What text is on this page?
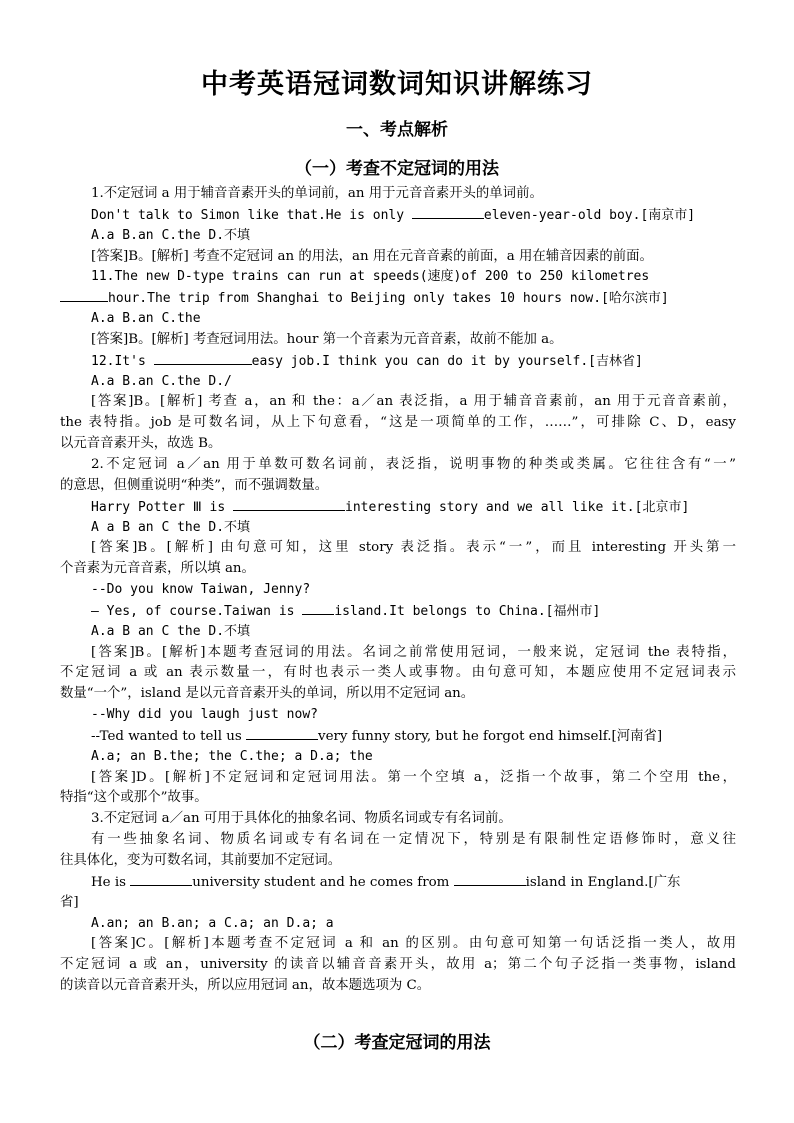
中考英语冠词数词知识讲解练习
一、考点解析
（一）考查不定冠词的用法
1.不定冠词 a 用于辅音音素开头的单词前，an 用于元音音素开头的单词前。
Don't talk to Simon like that.He is only	eleven-year-old boy.[南京市]
A.a B.an C.the D.不填
[答案]B。[解析] 考查不定冠词 an 的用法，an 用在元音音素的前面，a 用在辅音因素的前面。
11.The new D-type trains can run at speeds(速度)of 200 to 250 kilometres
hour.The trip from Shanghai to Beijing only takes 10 hours now.[哈尔滨市]
A.a B.an C.the
[答案]B。[解析] 考查冠词用法。hour 第一个音素为元音音素，故前不能加 a。
12.It's	easy job.I think you can do it by yourself.[吉林省]
A.a B.an C.the D./
[答案]B。[解析] 考查 a，an 和 the：a／an 表泛指，a 用于辅音音素前，an 用于元音音素前，
the 表特指。job 是可数名词，从上下句意看，“这是一项简单的工作，……”，可排除 C、D，easy
以元音音素开头，故选 B。
2.不定冠词 a／an 用于单数可数名词前，表泛指，说明事物的种类或类属。它往往含有“一”
的意思，但侧重说明“种类”，而不强调数量。
Harry Potter Ⅲ is	interesting story and we all like it.[北京市]
A a B an C the D.不填
[答案]B。[解析] 由句意可知，这里 story 表泛指。表示“一”，而且 interesting 开头第一
个音素为元音音素，所以填 an。
--Do you know Taiwan, Jenny?
— Yes, of course.Taiwan is island.It belongs to China.[福州市]
A.a B an C the D.不填
[答案]B。[解析]本题考查冠词的用法。名词之前常使用冠词，一般来说，定冠词 the 表特指，
不定冠词 a 或 an 表示数量一，有时也表示一类人或事物。由句意可知，本题应使用不定冠词表示
数量“一个”，island 是以元音音素开头的单词，所以用不定冠词 an。
--Why did you laugh just now?
--Ted wanted to tell us	very funny story, but he forgot end himself.[河南省]
A.a; an B.the; the C.the; a D.a; the
[答案]D。[解析]不定冠词和定冠词用法。第一个空填 a，泛指一个故事，第二个空用 the，
特指“这个或那个”故事。
3.不定冠词 a／an 可用于具体化的抽象名词、物质名词或专有名词前。
有一些抽象名词、物质名词或专有名词在一定情况下，特别是有限制性定语修饰时，意义往
往具体化，变为可数名词，其前要加不定冠词。
He is	university student and he comes from	island in England.[广东
省]
A.an; an B.an; a C.a; an D.a; a
[答案]C。[解析]本题考查不定冠词 a 和 an 的区别。由句意可知第一句话泛指一类人，故用
不定冠词 a 或 an，university 的读音以辅音音素开头，故用 a；第二个句子泛指一类事物，island
的读音以元音音素开头，所以应用冠词 an，故本题选项为 C。
（二）考查定冠词的用法
